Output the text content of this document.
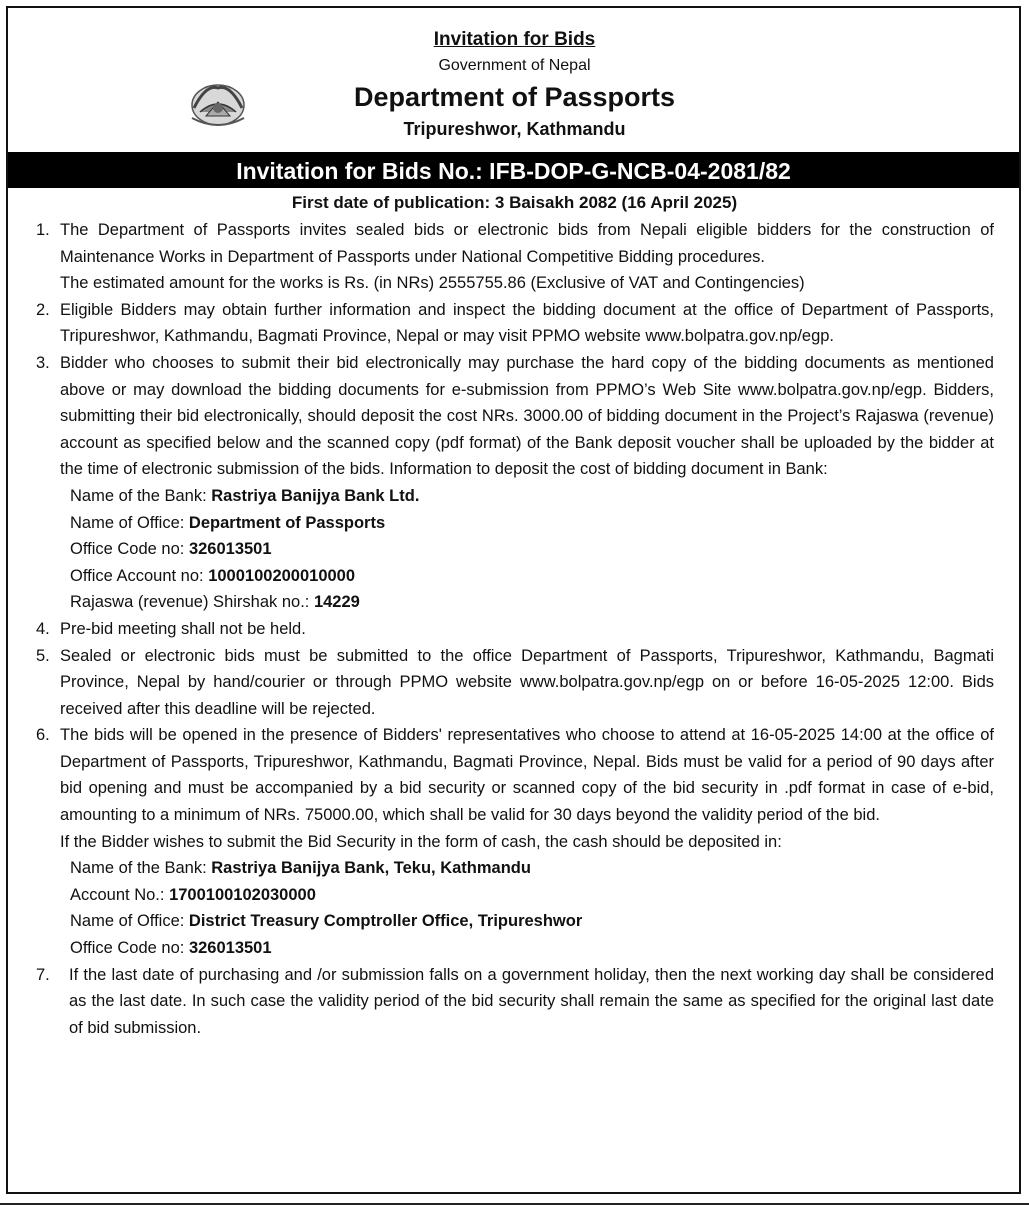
Invitation for Bids
Government of Nepal
Department of Passports
Tripureshwor, Kathmandu
Invitation for Bids No.: IFB-DOP-G-NCB-04-2081/82
First date of publication: 3 Baisakh 2082 (16 April 2025)
1. The Department of Passports invites sealed bids or electronic bids from Nepali eligible bidders for the construction of Maintenance Works in Department of Passports under National Competitive Bidding procedures.
The estimated amount for the works is Rs. (in NRs) 2555755.86 (Exclusive of VAT and Contingencies)
2. Eligible Bidders may obtain further information and inspect the bidding document at the office of Department of Passports, Tripureshwor, Kathmandu, Bagmati Province, Nepal or may visit PPMO website www.bolpatra.gov.np/egp.
3. Bidder who chooses to submit their bid electronically may purchase the hard copy of the bidding documents as mentioned above or may download the bidding documents for e-submission from PPMO’s Web Site www.bolpatra.gov.np/egp. Bidders, submitting their bid electronically, should deposit the cost NRs. 3000.00 of bidding document in the Project’s Rajaswa (revenue) account as specified below and the scanned copy (pdf format) of the Bank deposit voucher shall be uploaded by the bidder at the time of electronic submission of the bids. Information to deposit the cost of bidding document in Bank:
Name of the Bank: Rastriya Banijya Bank Ltd.
Name of Office: Department of Passports
Office Code no: 326013501
Office Account no: 1000100200010000
Rajaswa (revenue) Shirshak no.: 14229
4. Pre-bid meeting shall not be held.
5. Sealed or electronic bids must be submitted to the office Department of Passports, Tripureshwor, Kathmandu, Bagmati Province, Nepal by hand/courier or through PPMO website www.bolpatra.gov.np/egp on or before 16-05-2025 12:00. Bids received after this deadline will be rejected.
6. The bids will be opened in the presence of Bidders' representatives who choose to attend at 16-05-2025 14:00 at the office of Department of Passports, Tripureshwor, Kathmandu, Bagmati Province, Nepal. Bids must be valid for a period of 90 days after bid opening and must be accompanied by a bid security or scanned copy of the bid security in .pdf format in case of e-bid, amounting to a minimum of NRs. 75000.00, which shall be valid for 30 days beyond the validity period of the bid.
If the Bidder wishes to submit the Bid Security in the form of cash, the cash should be deposited in:
Name of the Bank: Rastriya Banijya Bank, Teku, Kathmandu
Account No.: 1700100102030000
Name of Office: District Treasury Comptroller Office, Tripureshwor
Office Code no: 326013501
7. If the last date of purchasing and /or submission falls on a government holiday, then the next working day shall be considered as the last date. In such case the validity period of the bid security shall remain the same as specified for the original last date of bid submission.
